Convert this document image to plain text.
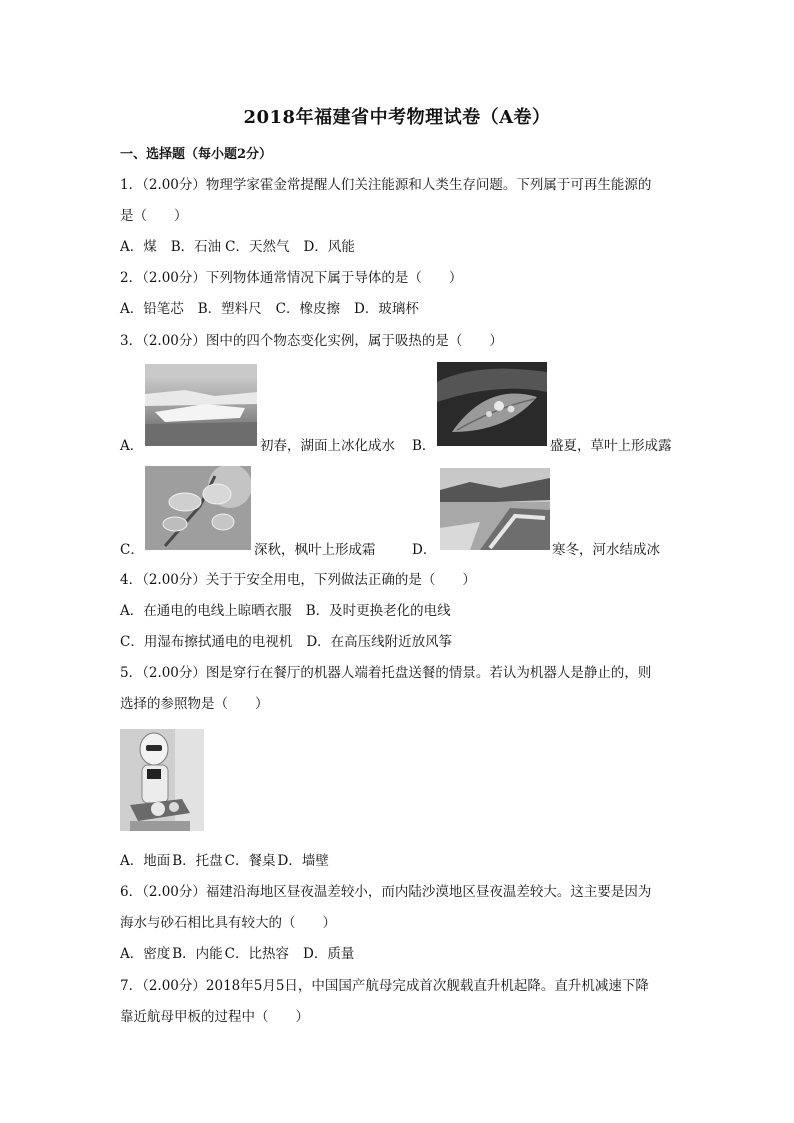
2018年福建省中考物理试卷（A卷）
一、选择题（每小题2分）
1．（2.00分）物理学家霍金常提醒人们关注能源和人类生存问题。下列属于可再生能源的
是（　　）
A．煤 B．石油 C．天然气 D．风能
2．（2.00分）下列物体通常情况下属于导体的是（　　）
A．铅笔芯 B．塑料尺 C．橡皮擦 D．玻璃杯
3．（2.00分）图中的四个物态变化实例，属于吸热的是（　　）
A．	初春，湖面上冰化成水 B．	盛夏，草叶上形成露
C．	深秋，枫叶上形成霜	D．	寒冬，河水结成冰
4．（2.00分）关于于安全用电，下列做法正确的是（　　）
A．在通电的电线上晾晒衣服 B．及时更换老化的电线
C．用湿布擦拭通电的电视机 D．在高压线附近放风筝
5．（2.00分）图是穿行在餐厅的机器人端着托盘送餐的情景。若认为机器人是静止的，则
选择的参照物是（　　）
A．地面 B．托盘 C．餐桌 D．墙壁
6．（2.00分）福建沿海地区昼夜温差较小，而内陆沙漠地区昼夜温差较大。这主要是因为
海水与砂石相比具有较大的（　　）
A．密度 B．内能 C．比热容 D．质量
7．（2.00分）2018年5月5日，中国国产航母完成首次舰载直升机起降。直升机减速下降
靠近航母甲板的过程中（　　）
